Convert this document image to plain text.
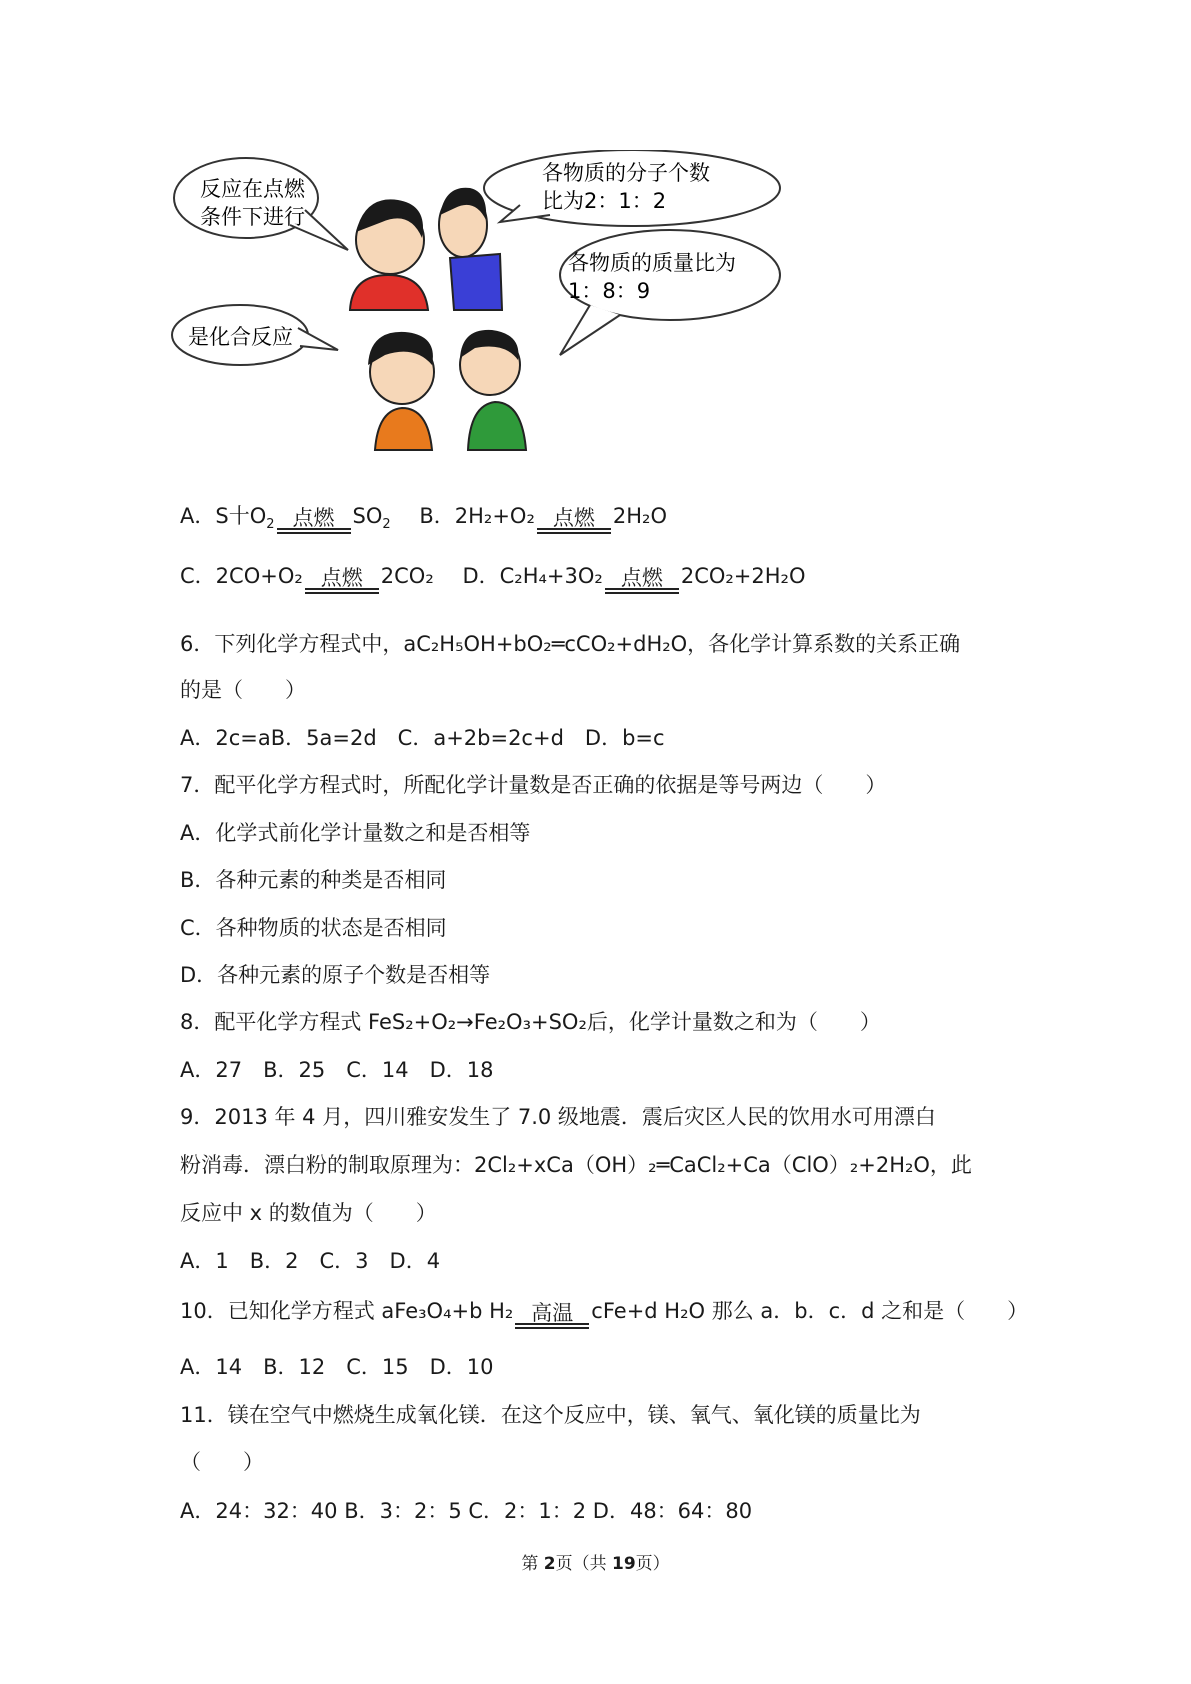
反应在点燃
条件下进行
各物质的分子个数
比为2：1：2
各物质的质量比为
1：8：9
是化合反应
A．S十$O_2$ 点燃 $SO_2$ B．2H₂+O₂ 点燃 2H₂O
C．2CO+O₂ 点燃 2CO₂ D．C₂H₄+3O₂ 点燃 2CO₂+2H₂O
6．下列化学方程式中，aC₂H₅OH+bO₂═cCO₂+dH₂O，各化学计算系数的关系正确
的是（　　）
A．2c=aB．5a=2d　C．a+2b=2c+d　D．b=c
7．配平化学方程式时，所配化学计量数是否正确的依据是等号两边（　　）
A．化学式前化学计量数之和是否相等
B．各种元素的种类是否相同
C．各种物质的状态是否相同
D．各种元素的原子个数是否相等
8．配平化学方程式 FeS₂+O₂→Fe₂O₃+SO₂后，化学计量数之和为（　　）
A．27　B．25　C．14　D．18
9．2013 年 4 月，四川雅安发生了 7.0 级地震．震后灾区人民的饮用水可用漂白
粉消毒．漂白粉的制取原理为：2Cl₂+xCa（OH）₂═CaCl₂+Ca（ClO）₂+2H₂O，此
反应中 x 的数值为（　　）
A．1　B．2　C．3　D．4
10．已知化学方程式 aFe₃O₄+b H₂ 高温 cFe+d H₂O 那么 a．b．c．d 之和是（　　）
A．14　B．12　C．15　D．10
11．镁在空气中燃烧生成氧化镁．在这个反应中，镁、氧气、氧化镁的质量比为
（　　）
A．24：32：40 B．3：2：5 C．2：1：2 D．48：64：80
第 2页（共 19页）
